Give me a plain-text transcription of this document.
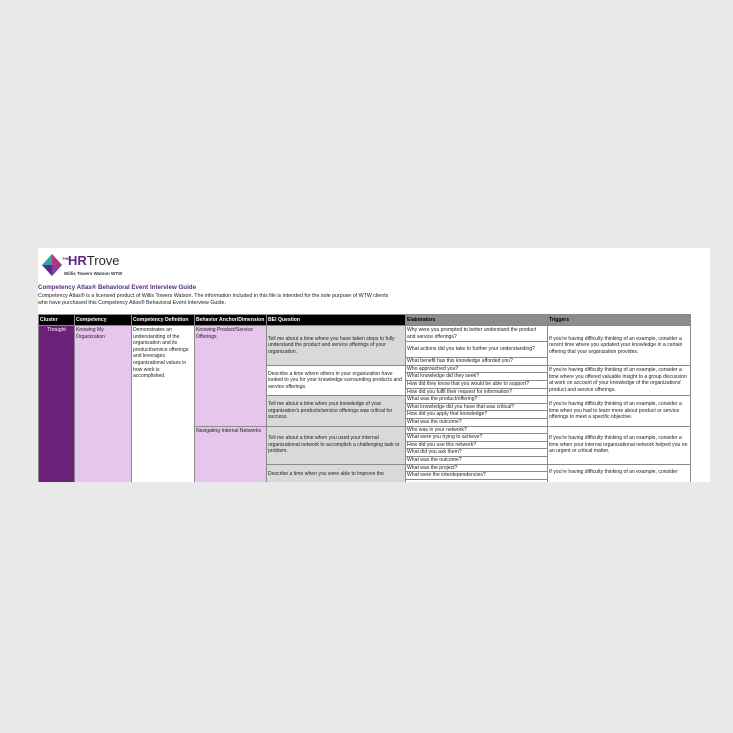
THE
HRTrove
Willis Towers Watson WTW
Competency Atlas® Behavioral Event Interview Guide
Competency Atlas® is a licensed product of Willis Towers Watson. The information included in this file is intended for the sole purpose of WTW clients who have purchased this Competency Atlas® Behavioral Event Interview Guide.
Cluster	Competency	Competency Definition	Behavior Anchor/Dimension	BEI Question	Elaborators	Triggers
Thought	Knowing My Organization	Demonstrates an understanding of the organization and its product/service offerings and leverages organizational values in how work is accomplished.	Knowing Product/Service Offerings	Tell me about a time where you have taken steps to fully understand the product and service offerings of your organization.	Why were you prompted to better understand the product and service offerings?	If you're having difficulty thinking of an example, consider a recent time where you updated your knowledge in a certain offering that your organization provides.
					What actions did you take to further your understanding?	
					What benefit has this knowledge afforded you?	
				Describe a time where others in your organization have looked to you for your knowledge surrounding products and service offerings.	Who approached you?	If you're having difficulty thinking of an example, consider a time where you offered valuable insight to a group discussion at work on account of your knowledge of the organizations' product and service offerings.
					What knowledge did they seek?	
					How did they know that you would be able to support?	
					How did you fulfil their request for information?	
				Tell me about a time when your knowledge of your organization's products/service offerings was critical for success.	What was the product/offering?	If you're having difficulty thinking of an example, consider a time when you had to learn more about product or service offerings to meet a specific objective.
					What knowledge did you have that was critical?	
					How did you apply that knowledge?	
					What was the outcome?	
			Navigating Internal Networks	Tell me about a time when you used your internal organizational network to accomplish a challenging task or problem.	Who was in your network?	If you're having difficulty thinking of an example, consider a time when your internal organizational network helped you on an urgent or critical matter.
					What were you trying to achieve?	
					How did you use this network?	
					What did you ask them?	
					What was the outcome?	
				Describe a time when you were able to improve the	What was the project?	If you're having difficulty thinking of an example, consider
					What were the interdependencies?	
